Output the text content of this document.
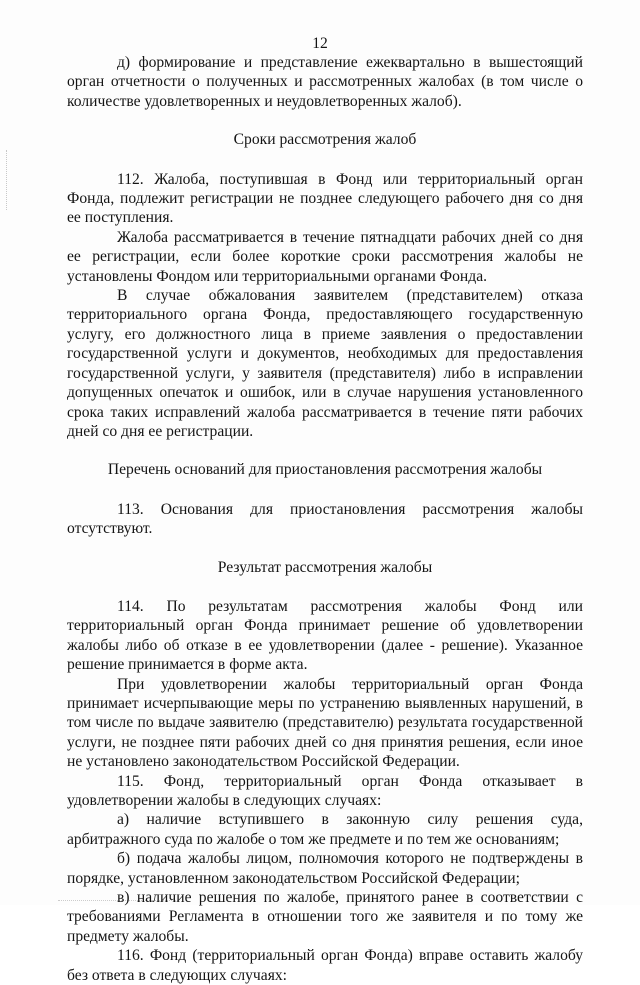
12

д) формирование и представление ежеквартально в вышестоящий орган отчетности о полученных и рассмотренных жалобах (в том числе о количестве удовлетворенных и неудовлетворенных жалоб).

Сроки рассмотрения жалоб

112. Жалоба, поступившая в Фонд или территориальный орган Фонда, подлежит регистрации не позднее следующего рабочего дня со дня ее поступления.

Жалоба рассматривается в течение пятнадцати рабочих дней со дня ее регистрации, если более короткие сроки рассмотрения жалобы не установлены Фондом или территориальными органами Фонда.

В случае обжалования заявителем (представителем) отказа территориального органа Фонда, предоставляющего государственную услугу, его должностного лица в приеме заявления о предоставлении государственной услуги и документов, необходимых для предоставления государственной услуги, у заявителя (представителя) либо в исправлении допущенных опечаток и ошибок, или в случае нарушения установленного срока таких исправлений жалоба рассматривается в течение пяти рабочих дней со дня ее регистрации.

Перечень оснований для приостановления рассмотрения жалобы

113. Основания для приостановления рассмотрения жалобы отсутствуют.

Результат рассмотрения жалобы

114. По результатам рассмотрения жалобы Фонд или территориальный орган Фонда принимает решение об удовлетворении жалобы либо об отказе в ее удовлетворении (далее - решение). Указанное решение принимается в форме акта.

При удовлетворении жалобы территориальный орган Фонда принимает исчерпывающие меры по устранению выявленных нарушений, в том числе по выдаче заявителю (представителю) результата государственной услуги, не позднее пяти рабочих дней со дня принятия решения, если иное не установлено законодательством Российской Федерации.

115. Фонд, территориальный орган Фонда отказывает в удовлетворении жалобы в следующих случаях:

а) наличие вступившего в законную силу решения суда, арбитражного суда по жалобе о том же предмете и по тем же основаниям;

б) подача жалобы лицом, полномочия которого не подтверждены в порядке, установленном законодательством Российской Федерации;

в) наличие решения по жалобе, принятого ранее в соответствии с требованиями Регламента в отношении того же заявителя и по тому же предмету жалобы.

116. Фонд (территориальный орган Фонда) вправе оставить жалобу без ответа в следующих случаях:
